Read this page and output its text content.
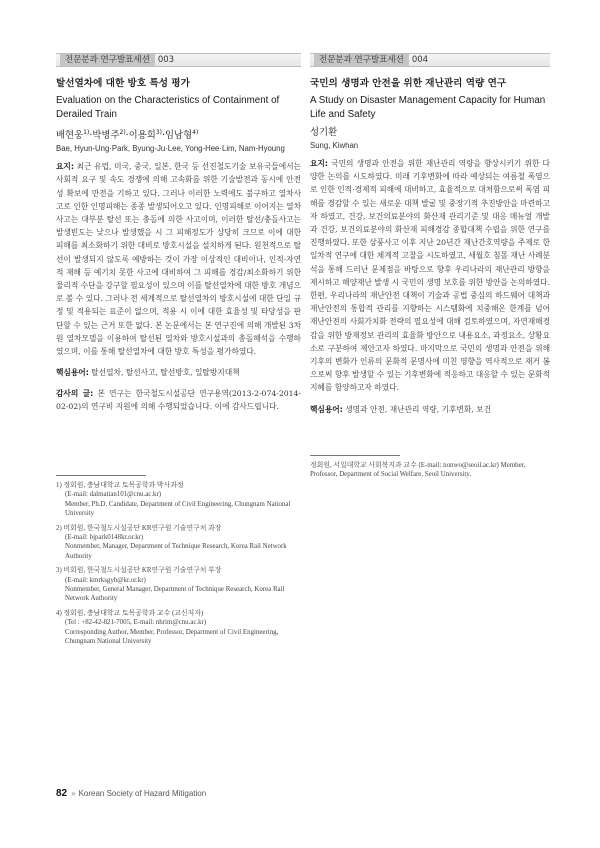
전문분과 연구발표세션 003
탈선열차에 대한 방호 특성 평가
Evaluation on the Characteristics of Containment of Derailed Train
배현웅$^{1)}$·박병주$^{2)}$·이용희$^{3)}$·임남형$^{4)}$
Bae, Hyun-Ung·Park, Byung-Ju·Lee, Yong-Hee·Lim, Nam-Hyoung

요지: 최근 유럽, 미국, 중국, 일본, 한국 등 선진철도기술 보유국들에서는 사회적 요구 및 속도 경쟁에 의해 고속화를 위한 기술발전과 동시에 안전성 확보에 만전을 기하고 있다. 그러나 이러한 노력에도 불구하고 열차사고로 인한 인명피해는 종종 발생되어오고 있다. 인명피해로 이어지는 열차사고는 대부분 탈선 또는 충돌에 의한 사고이며, 이러한 탈선/충돌사고는 발생빈도는 낮으나 발생했을 시 그 피해정도가 상당히 크므로 이에 대한 피해를 최소화하기 위한 대비로 방호시설을 설치하게 된다. 원천적으로 탈선이 발생되지 않도록 예방하는 것이 가장 이상적인 대비이나, 인적·자연적 재해 등 예기치 못한 사고에 대비하여 그 피해를 경감/최소화하기 위한 물리적 수단을 강구할 필요성이 있으며 이를 탈선열차에 대한 방호 개념으로 볼 수 있다. 그러나 전 세계적으로 탈선열차의 방호시설에 대한 단일 규정 및 적용되는 표준이 없으며, 적용 시 이에 대한 효율성 및 타당성을 판단할 수 있는 근거 또한 없다. 본 논문에서는 본 연구진에 의해 개발된 3차원 열차모델을 이용하여 탈선된 열차와 방호시설과의 충돌해석을 수행하였으며, 이를 통해 탈선열차에 대한 방호 특성을 평가하였다.

핵심용어: 탈선열차, 탈선사고, 탈선방호, 일탈방지대책

감사의 글: 본 연구는 한국철도시설공단 연구용역(2013-2-074-2014-02-02)의 연구비 지원에 의해 수행되었습니다. 이에 감사드립니다.

1) 정회원, 충남대학교 토목공학과 박사과정
(E-mail: dalmatian101@cnu.ac.kr)
Member, Ph.D. Candidate, Department of Civil Engineering, Chungnam National University
2) 비회원, 한국철도시설공단 KR연구원 기술연구처 과장
(E-mail: bjpark0148kr.or.kr)
Nonmember, Manager, Department of Technique Research, Korea Rail Network Authority
3) 비회원, 한국철도시설공단 KR연구원 기술연구처 부장
(E-mail: kmrksgyh@kr.or.kr)
Nonmember, General Manager, Department of Technique Research, Korea Rail Network Authority
4) 정회원, 충남대학교 토목공학과 교수 (교신저자)
(Tel : +82-42-821-7005, E-mail: nhrim@cnu.ac.kr)
Corresponding Author, Member, Professor, Department of Civil Engineering, Chungnam National University
전문분과 연구발표세션 004
국민의 생명과 안전을 위한 재난관리 역량 연구
A Study on Disaster Management Capacity for Human Life and Safety
성기환
Sung, Kiwhan

요지: 국민의 생명과 안전을 위한 재난관리 역량을 향상시키기 위한 다양한 논의를 시도하였다. 미래 기후변화에 따라 예상되는 여름철 폭염으로 인한 인적·경제적 피해에 대비하고, 효율적으로 대처함으로써 폭염 피해를 경감할 수 있는 새로운 대책 발굴 및 중장기적 추진방안을 마련하고자 하였고, 건강, 보건의료분야의 화산재 관리기준 및 대응 매뉴얼 개발과 건강, 보건의료분야의 화산재 피해경감 종합대책 수립을 위한 연구를 진행하였다. 또한 삼풍사고 이후 지난 20년간 재난간호역량을 주제로 한 일차적 연구에 대한 체계적 고찰을 시도하였고, 세월호 침몰 재난 사례분석을 통해 드러난 문제점을 바탕으로 향후 우리나라의 재난관리 방향을 제시하고 해양재난 발생 시 국민의 생명 보호를 위한 방안을 논의하였다. 한편, 우리나라의 재난안전 대책이 기술과 공법 중심의 하드웨어 대책과 재난안전의 통합적 관리를 지향하는 시스템화에 치중해온 한계를 넘어 재난안전의 사회가치화 전략의 필요성에 대해 검토하였으며, 자연재해경감을 위한 방재정보 관리의 효율화 방안으로 내용요소, 과정요소, 상황요소로 구분하여 제안고자 하였다. 마지막으로 국민의 생명과 안전을 위해 기후의 변화가 인류의 문화적 문명사에 미친 영향을 역사적으로 재거 봄으로써 향후 발생할 수 있는 기후변화에 적응하고 대응할 수 있는 문화적 지혜를 함양하고자 하였다.

핵심용어: 생명과 안전, 재난관리 역량, 기후변화, 보건

정회원, 서일대학교 사회복지과 교수 (E-mail: nonwo@seoil.ac.kr) Member, Professor, Department of Social Welfare, Seoil University.
82 » Korean Society of Hazard Mitigation
